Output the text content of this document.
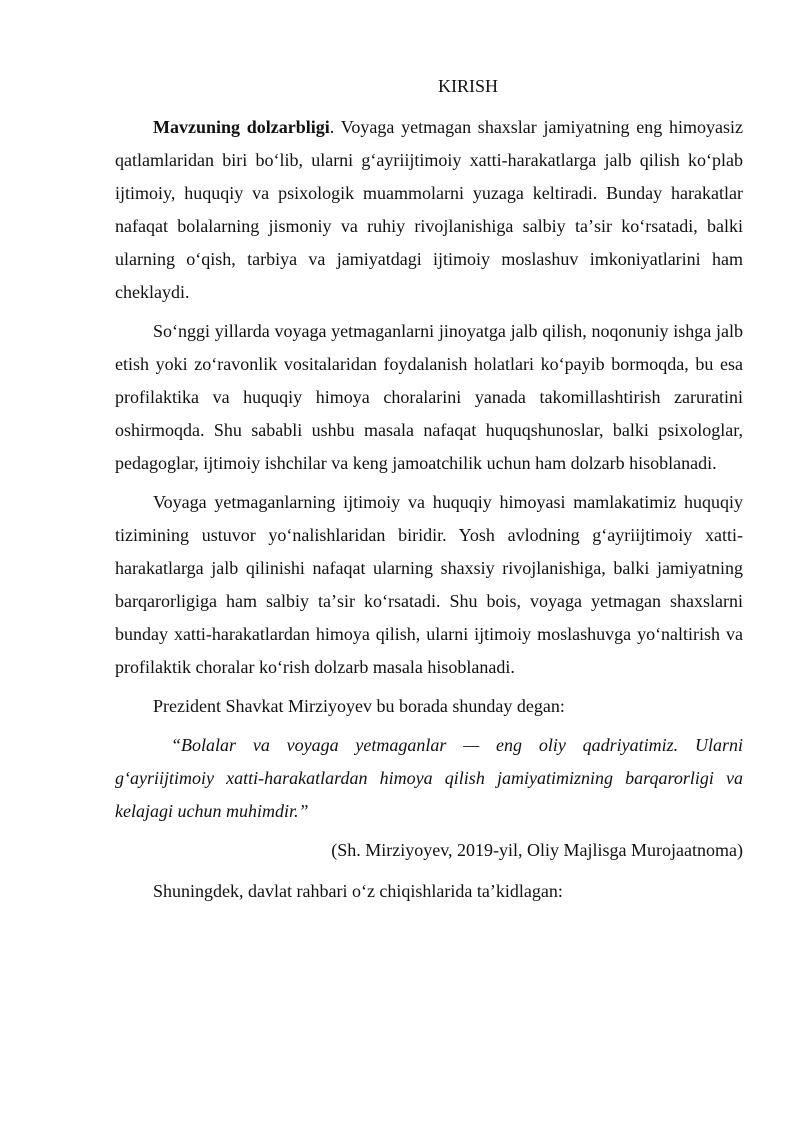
KIRISH

Mavzuning dolzarbligi. Voyaga yetmagan shaxslar jamiyatning eng himoyasiz qatlamlaridan biri boʻlib, ularni gʻayriijtimoiy xatti-harakatlarga jalb qilish koʻplab ijtimoiy, huquqiy va psixologik muammolarni yuzaga keltiradi. Bunday harakatlar nafaqat bolalarning jismoniy va ruhiy rivojlanishiga salbiy taʼsir koʻrsatadi, balki ularning oʻqish, tarbiya va jamiyatdagi ijtimoiy moslashuv imkoniyatlarini ham cheklaydi.

Soʻnggi yillarda voyaga yetmaganlarni jinoyatga jalb qilish, noqonuniy ishga jalb etish yoki zoʻravonlik vositalaridan foydalanish holatlari koʻpayib bormoqda, bu esa profilaktika va huquqiy himoya choralarini yanada takomillashtirish zaruratini oshirmoqda. Shu sababli ushbu masala nafaqat huquqshunoslar, balki psixologlar, pedagoglar, ijtimoiy ishchilar va keng jamoatchilik uchun ham dolzarb hisoblanadi.

Voyaga yetmaganlarning ijtimoiy va huquqiy himoyasi mamlakatimiz huquqiy tizimining ustuvor yoʻnalishlaridan biridir. Yosh avlodning gʻayriijtimoiy xatti-harakatlarga jalb qilinishi nafaqat ularning shaxsiy rivojlanishiga, balki jamiyatning barqarorligiga ham salbiy taʼsir koʻrsatadi. Shu bois, voyaga yetmagan shaxslarni bunday xatti-harakatlardan himoya qilish, ularni ijtimoiy moslashuvga yoʻnaltirish va profilaktik choralar koʻrish dolzarb masala hisoblanadi.

Prezident Shavkat Mirziyoyev bu borada shunday degan:

“Bolalar va voyaga yetmaganlar — eng oliy qadriyatimiz. Ularni gʻayriijtimoiy xatti-harakatlardan himoya qilish jamiyatimizning barqarorligi va kelajagi uchun muhimdir.”

(Sh. Mirziyoyev, 2019-yil, Oliy Majlisga Murojaatnoma)

Shuningdek, davlat rahbari oʻz chiqishlarida taʼkidlagan:
